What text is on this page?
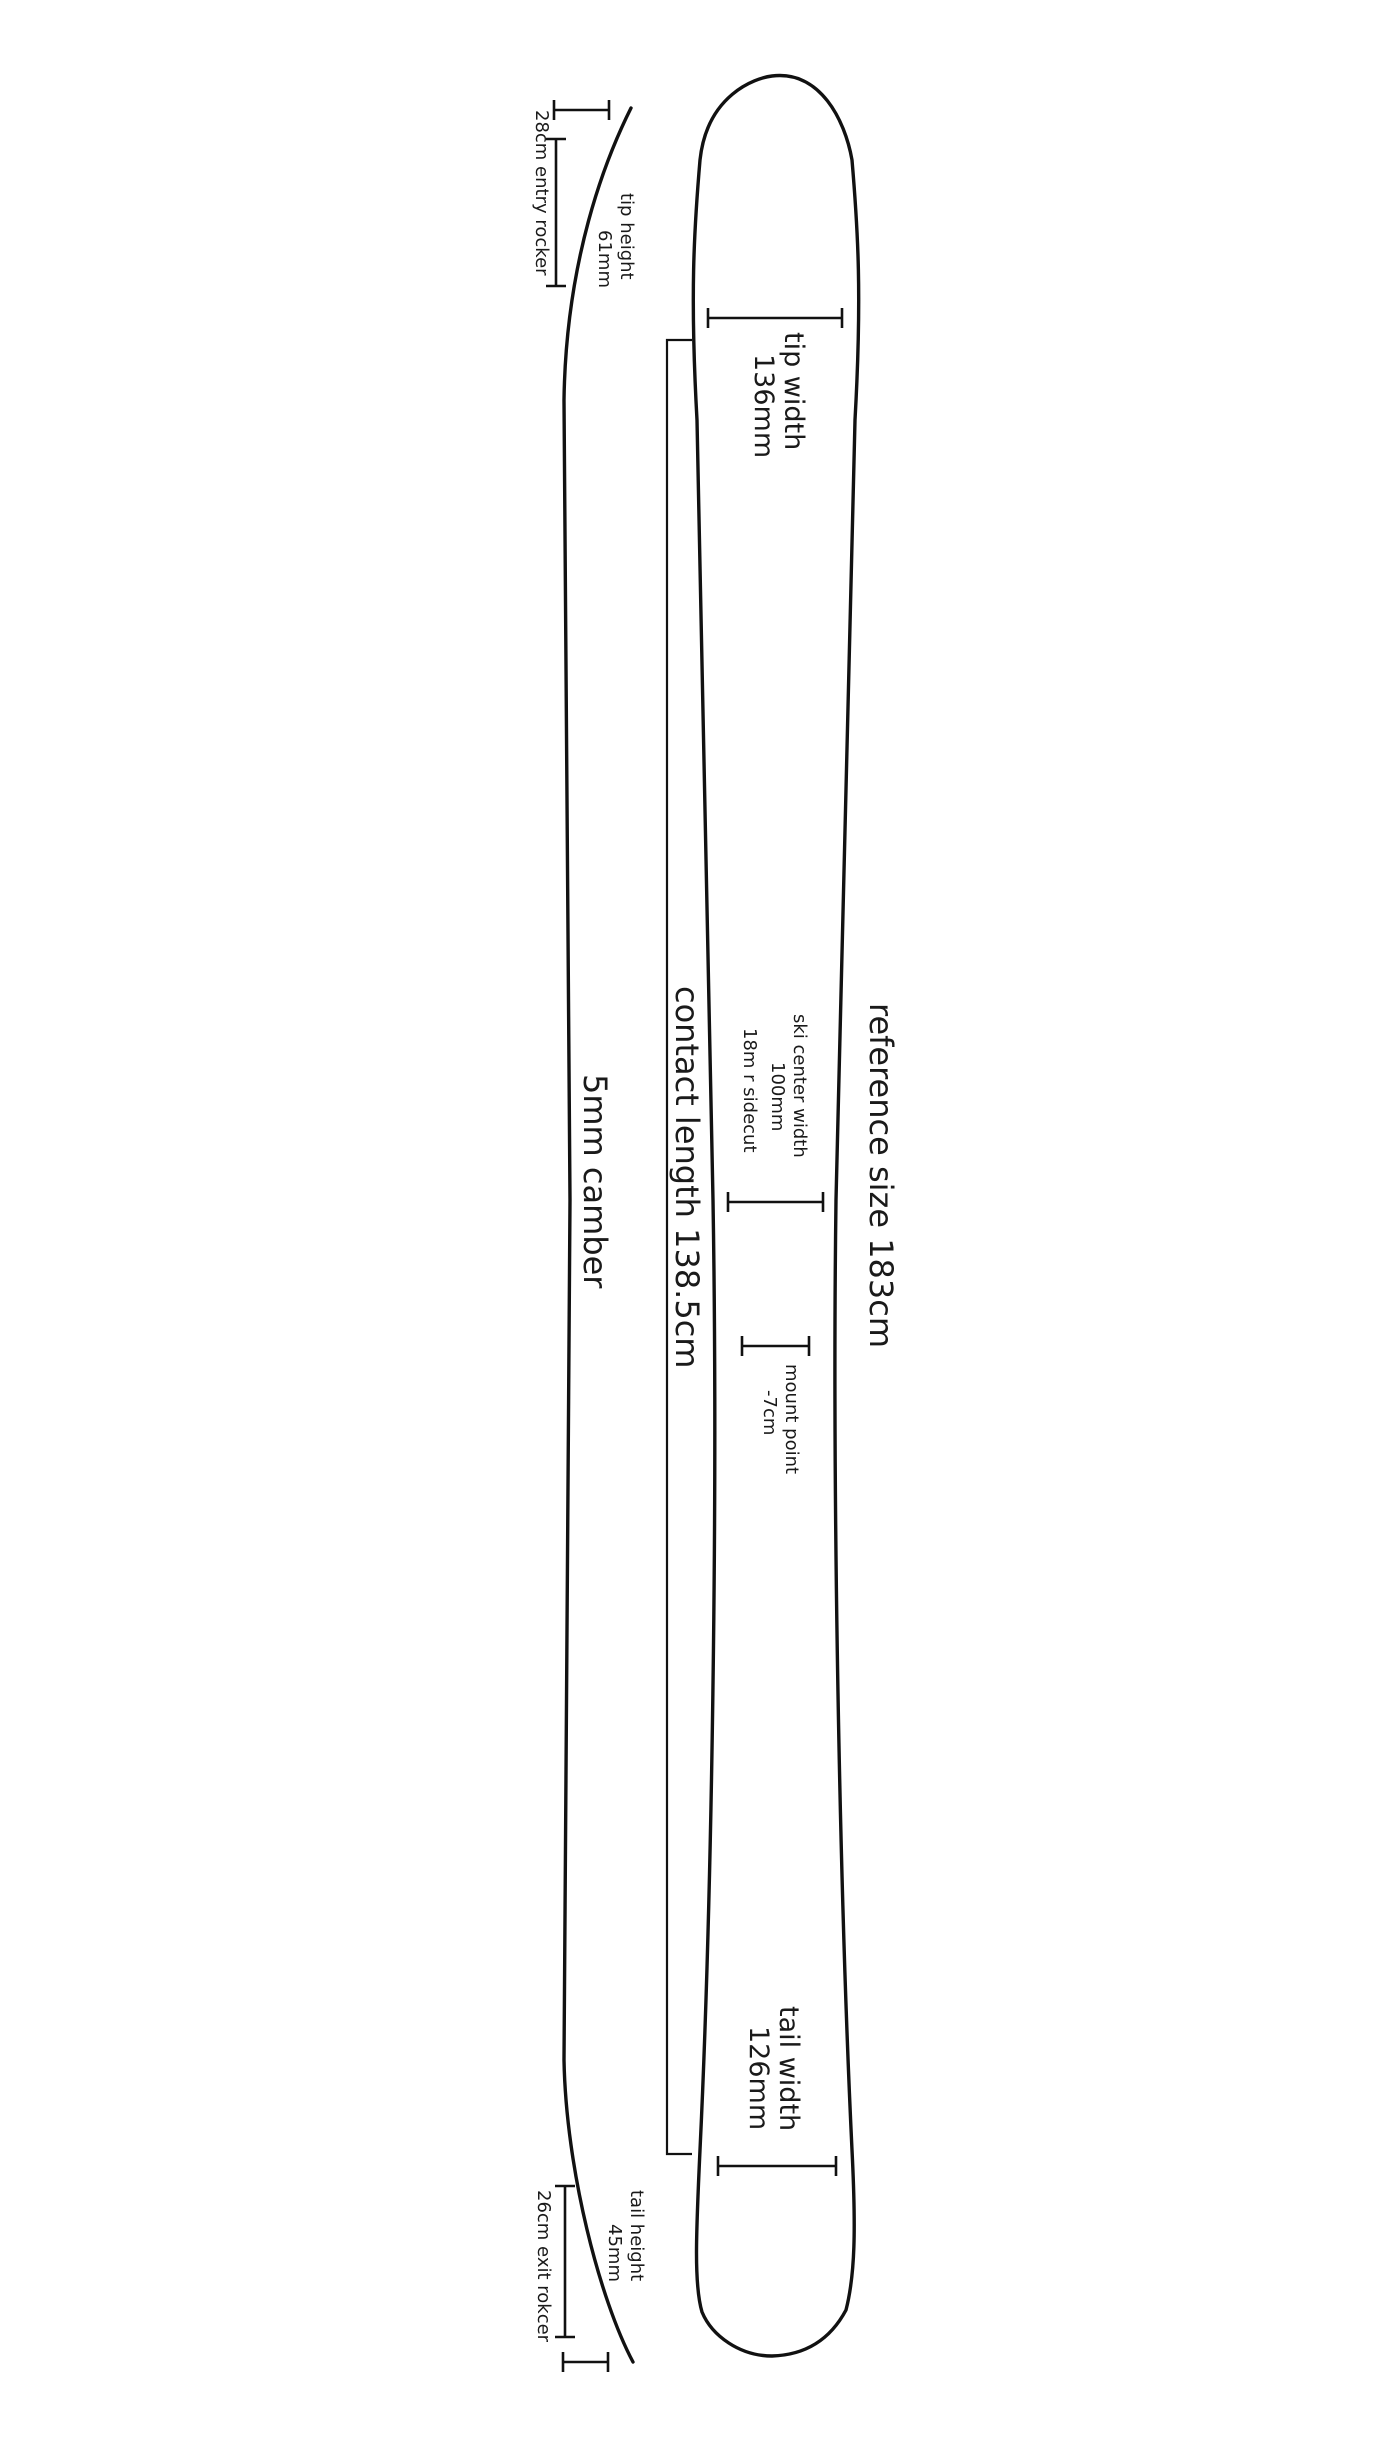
reference size 183cm
contact length 138.5cm
5mm camber
tip width
136mm
tail width
126mm
ski center width
100mm
18m r sidecut
mount point
-7cm
tip height
61mm
28cm entry rocker
tail height
45mm
26cm exit rokcer
